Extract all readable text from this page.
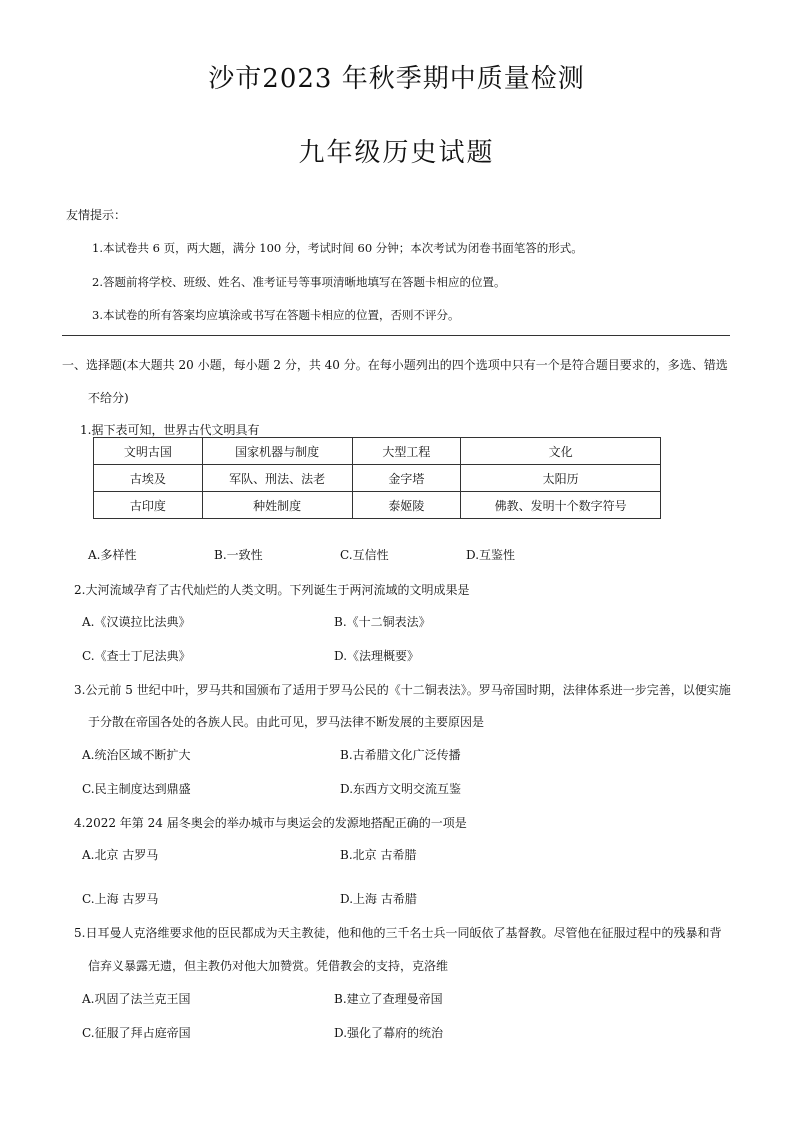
沙市2023 年秋季期中质量检测
九年级历史试题
友情提示：
1.本试卷共 6 页，两大题，满分 100 分，考试时间 60 分钟；本次考试为闭卷书面笔答的形式。
2.答题前将学校、班级、姓名、准考证号等事项清晰地填写在答题卡相应的位置。
3.本试卷的所有答案均应填涂或书写在答题卡相应的位置，否则不评分。
一、选择题(本大题共 20 小题，每小题 2 分，共 40 分。在每小题列出的四个选项中只有一个是符合题目要求的，多选、错选
不给分)
1.据下表可知，世界古代文明具有
文明古国	国家机器与制度	大型工程	文化
古埃及	军队、刑法、法老	金字塔	太阳历
古印度	种姓制度	泰姬陵	佛教、发明十个数字符号
A.多样性	B.一致性	C.互信性	D.互鉴性
2.大河流域孕育了古代灿烂的人类文明。下列诞生于两河流域的文明成果是
A.《汉谟拉比法典》	B.《十二铜表法》
C.《查士丁尼法典》	D.《法理概要》
3.公元前 5 世纪中叶，罗马共和国颁布了适用于罗马公民的《十二铜表法》。罗马帝国时期，法律体系进一步完善，以便实施
于分散在帝国各处的各族人民。由此可见，罗马法律不断发展的主要原因是
A.统治区域不断扩大	B.古希腊文化广泛传播
C.民主制度达到鼎盛	D.东西方文明交流互鉴
4.2022 年第 24 届冬奥会的举办城市与奥运会的发源地搭配正确的一项是
A.北京 古罗马	B.北京 古希腊
C.上海 古罗马	D.上海 古希腊
5.日耳曼人克洛维要求他的臣民都成为天主教徒，他和他的三千名士兵一同皈依了基督教。尽管他在征服过程中的残暴和背
信弃义暴露无遗，但主教仍对他大加赞赏。凭借教会的支持，克洛维
A.巩固了法兰克王国	B.建立了查理曼帝国
C.征服了拜占庭帝国	D.强化了幕府的统治
